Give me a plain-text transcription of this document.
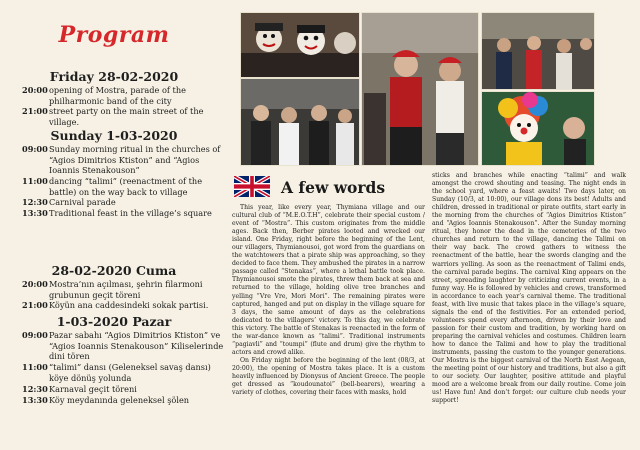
Program
Friday 28-02-2020
20:00opening of Mostra, parade of the philharmonic band of the city
21:00street party on the main street of the village.
Sunday 1-03-2020
09:00Sunday morning ritual in the churches of “Agios Dimitrios Ktiston” and “Agios Ioannis Stenakouson”
11:00dancing “talimi” (reenactment of the battle) on the way back to village
12:30Carnival parade
13:30Traditional feast in the village’s square
28-02-2020 Cuma
20:00Mostra’nın açılması, şehrin filarmoni grubunun geçit töreni
21:00Köyün ana caddesindeki sokak partisi.
1-03-2020 Pazar
09:00Pazar sabahı “Agios Dimitrios Ktiston” ve “Agios Ioannis Stenakouson” Kiliselerinde dini tören
11:00“talimi” dansı (Geleneksel savaş dansı) köye dönüş yolunda
12:30Karnaval geçit töreni
13:30Köy meydanında geleneksel şölen
A few words

This year, like every year, Thymiana village and our cultural club of “M.E.O.T.H”, celebrate their special custom / event of “Mostra”. This custom originates from the middle ages. Back then, Berber pirates looted and wrecked our island. One Friday, right before the beginning of the Lent, our villagers, Thymianousoi, got word from the guardians on the watchtowers that a pirate ship was approaching, so they decided to face them. They ambushed the pirates in a narrow passage called “Stenakas”, where a lethal battle took place. Thymianousoi smote the pirates, threw them back at sea and returned to the village, holding olive tree branches and yelling “Vre Vre, Mori Mori”. The remaining pirates were captured, hanged and put on display in the village square for 3 days, the same amount of days as the celebrations dedicated to the villagers’ victory. To this day, we celebrate this victory. The battle of Stenakas is reenacted in the form of the war-dance known as “talimi”. Traditional instruments “pagiavli” and “toumpi” (flute and drum) give the rhythm to actors and crowd alike.

On Friday night before the beginning of the lent (08/3, at 20:00), the opening of Mostra takes place. It is a custom heavily influenced by Dionysus of Ancient Greece. The people get dressed as “koudounatoi” (bell-bearers), wearing a variety of clothes, covering their faces with masks, hold

sticks and branches while enacting “talimi” and walk amongst the crowd shouting and teasing. The night ends in the school yard, where a feast awaits! Two days later, on Sunday (10/3, at 10:00), our village dons its best! Adults and children, dressed in traditional or pirate outfits, start early in the morning from the churches of “Agios Dimitrios Ktiston” and “Agios Ioannis Stenakouson”. After the Sunday morning ritual, they honor the dead in the cemeteries of the two churches and return to the village, dancing the Talimi on their way back. The crowd gathers to witness the reenactment of the battle, hear the swords clanging and the warriors yelling. As soon as the reenactment of Talimi ends, the carnival parade begins. The carnival King appears on the street, spreading laughter by criticizing current events, in a funny way. He is followed by vehicles and crews, transformed in accordance to each year’s carnival theme. The traditional feast, with live music that takes place in the village’s square, signals the end of the festivities. For an extended period, volunteers spend every afternoon, driven by their love and passion for their custom and tradition, by working hard on preparing the carnival vehicles and costumes. Children learn how to dance the Talimi and how to play the traditional instruments, passing the custom to the younger generations. Our Mostra is the biggest carnival of the North East Aegean, the meeting point of our history and traditions, but also a gift to our society. Our laughter, positive attitude and playful mood are a welcome break from our daily routine. Come join us! Have fun! And don’t forget: our culture club needs your support!
